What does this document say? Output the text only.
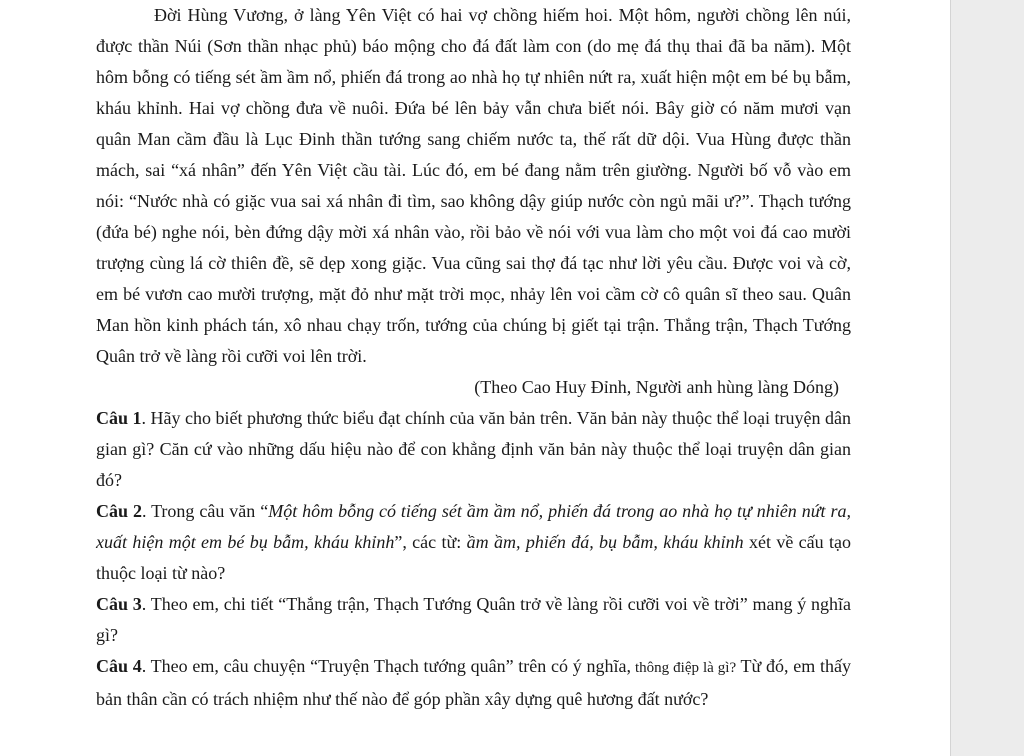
Đời Hùng Vương, ở làng Yên Việt có hai vợ chồng hiếm hoi. Một hôm, người chồng lên núi, được thần Núi (Sơn thần nhạc phủ) báo mộng cho đá đất làm con (do mẹ đá thụ thai đã ba năm). Một hôm bỗng có tiếng sét ầm ầm nổ, phiến đá trong ao nhà họ tự nhiên nứt ra, xuất hiện một em bé bụ bẫm, kháu khỉnh. Hai vợ chồng đưa về nuôi. Đứa bé lên bảy vẫn chưa biết nói. Bây giờ có năm mươi vạn quân Man cầm đầu là Lục Đinh thần tướng sang chiếm nước ta, thế rất dữ dội. Vua Hùng được thần mách, sai “xá nhân” đến Yên Việt cầu tài. Lúc đó, em bé đang nằm trên giường. Người bố vỗ vào em nói: “Nước nhà có giặc vua sai xá nhân đi tìm, sao không dậy giúp nước còn ngủ mãi ư?”. Thạch tướng (đứa bé) nghe nói, bèn đứng dậy mời xá nhân vào, rồi bảo về nói với vua làm cho một voi đá cao mười trượng cùng lá cờ thiên đề, sẽ dẹp xong giặc. Vua cũng sai thợ đá tạc như lời yêu cầu. Được voi và cờ, em bé vươn cao mười trượng, mặt đỏ như mặt trời mọc, nhảy lên voi cầm cờ cô quân sĩ theo sau. Quân Man hồn kinh phách tán, xô nhau chạy trốn, tướng của chúng bị giết tại trận. Thắng trận, Thạch Tướng Quân trở về làng rồi cưỡi voi lên trời.

(Theo Cao Huy Đỉnh, Người anh hùng làng Dóng)

Câu 1. Hãy cho biết phương thức biểu đạt chính của văn bản trên. Văn bản này thuộc thể loại truyện dân gian gì? Căn cứ vào những dấu hiệu nào để con khẳng định văn bản này thuộc thể loại truyện dân gian đó?

Câu 2. Trong câu văn “Một hôm bỗng có tiếng sét ầm ầm nổ, phiến đá trong ao nhà họ tự nhiên nứt ra, xuất hiện một em bé bụ bẫm, kháu khỉnh”, các từ: ầm ầm, phiến đá, bụ bẫm, kháu khỉnh xét về cấu tạo thuộc loại từ nào?

Câu 3. Theo em, chi tiết “Thắng trận, Thạch Tướng Quân trở về làng rồi cưỡi voi về trời” mang ý nghĩa gì?

Câu 4. Theo em, câu chuyện “Truyện Thạch tướng quân” trên có ý nghĩa, thông điệp là gì? Từ đó, em thấy bản thân cần có trách nhiệm như thế nào để góp phần xây dựng quê hương đất nước?
